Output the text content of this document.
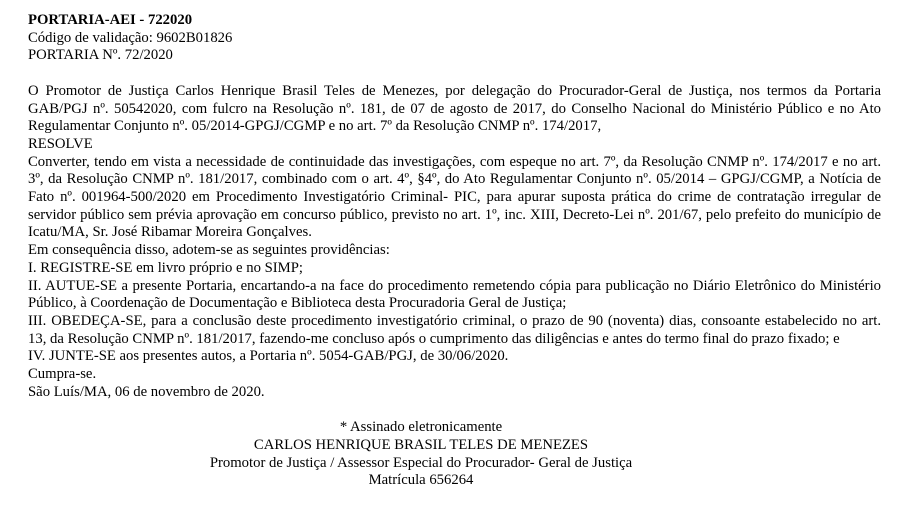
PORTARIA-AEI - 722020

Código de validação: 9602B01826

PORTARIA Nº. 72/2020

O Promotor de Justiça Carlos Henrique Brasil Teles de Menezes, por delegação do Procurador-Geral de Justiça, nos termos da Portaria GAB/PGJ nº. 50542020, com fulcro na Resolução nº. 181, de 07 de agosto de 2017, do Conselho Nacional do Ministério Público e no Ato Regulamentar Conjunto nº. 05/2014-GPGJ/CGMP e no art. 7º da Resolução CNMP nº. 174/2017,

RESOLVE

Converter, tendo em vista a necessidade de continuidade das investigações, com espeque no art. 7º, da Resolução CNMP nº. 174/2017 e no art. 3º, da Resolução CNMP nº. 181/2017, combinado com o art. 4º, §4º, do Ato Regulamentar Conjunto nº. 05/2014 – GPGJ/CGMP, a Notícia de Fato nº. 001964-500/2020 em Procedimento Investigatório Criminal- PIC, para apurar suposta prática do crime de contratação irregular de servidor público sem prévia aprovação em concurso público, previsto no art. 1º, inc. XIII, Decreto-Lei nº. 201/67, pelo prefeito do município de Icatu/MA, Sr. José Ribamar Moreira Gonçalves.

Em consequência disso, adotem-se as seguintes providências:

I. REGISTRE-SE em livro próprio e no SIMP;

II. AUTUE-SE a presente Portaria, encartando-a na face do procedimento remetendo cópia para publicação no Diário Eletrônico do Ministério Público, à Coordenação de Documentação e Biblioteca desta Procuradoria Geral de Justiça;

III. OBEDEÇA-SE, para a conclusão deste procedimento investigatório criminal, o prazo de 90 (noventa) dias, consoante estabelecido no art. 13, da Resolução CNMP nº. 181/2017, fazendo-me concluso após o cumprimento das diligências e antes do termo final do prazo fixado; e

IV. JUNTE-SE aos presentes autos, a Portaria nº. 5054-GAB/PGJ, de 30/06/2020.

Cumpra-se.

São Luís/MA, 06 de novembro de 2020.

* Assinado eletronicamente

CARLOS HENRIQUE BRASIL TELES DE MENEZES

Promotor de Justiça / Assessor Especial do Procurador- Geral de Justiça

Matrícula 656264
